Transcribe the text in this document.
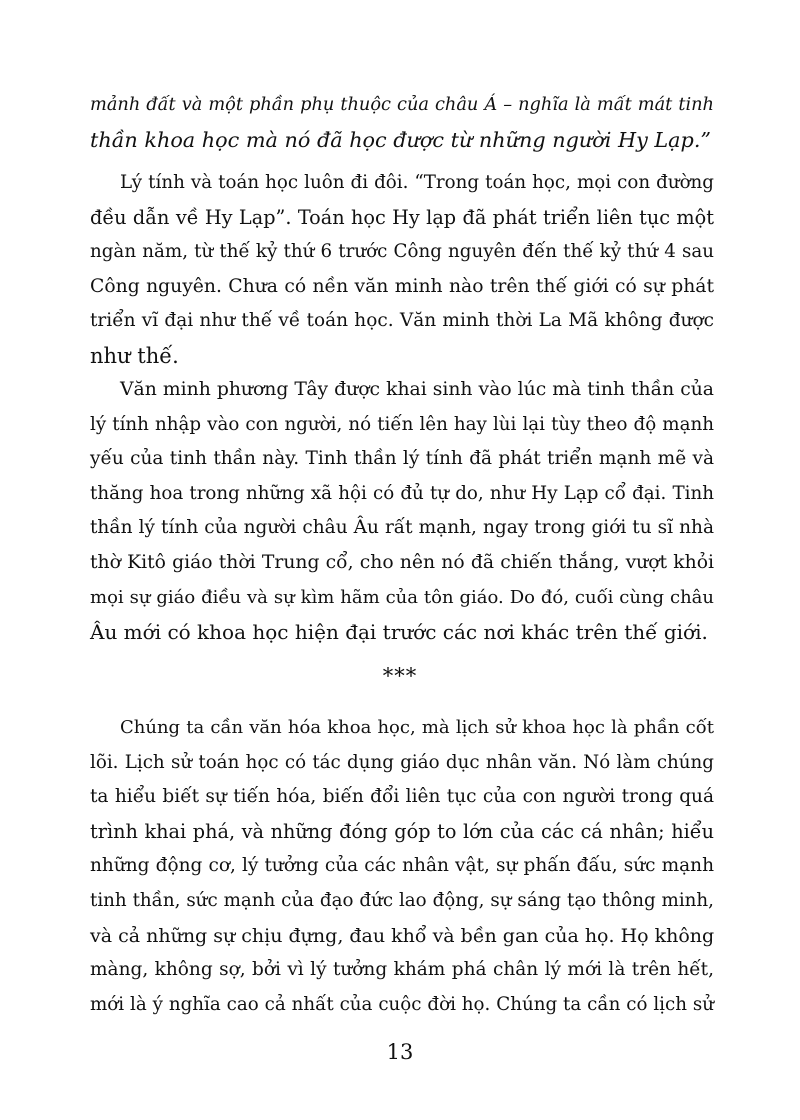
mảnh đất và một phần phụ thuộc của châu Á – nghĩa là mất mát tinh
thần khoa học mà nó đã học được từ những người Hy Lạp.”
Lý tính và toán học luôn đi đôi. “Trong toán học, mọi con đường
đều dẫn về Hy Lạp”. Toán học Hy lạp đã phát triển liên tục một
ngàn năm, từ thế kỷ thứ 6 trước Công nguyên đến thế kỷ thứ 4 sau
Công nguyên. Chưa có nền văn minh nào trên thế giới có sự phát
triển vĩ đại như thế về toán học. Văn minh thời La Mã không được
như thế.
Văn minh phương Tây được khai sinh vào lúc mà tinh thần của
lý tính nhập vào con người, nó tiến lên hay lùi lại tùy theo độ mạnh
yếu của tinh thần này. Tinh thần lý tính đã phát triển mạnh mẽ và
thăng hoa trong những xã hội có đủ tự do, như Hy Lạp cổ đại. Tinh
thần lý tính của người châu Âu rất mạnh, ngay trong giới tu sĩ nhà
thờ Kitô giáo thời Trung cổ, cho nên nó đã chiến thắng, vượt khỏi
mọi sự giáo điều và sự kìm hãm của tôn giáo. Do đó, cuối cùng châu
Âu mới có khoa học hiện đại trước các nơi khác trên thế giới.
***
Chúng ta cần văn hóa khoa học, mà lịch sử khoa học là phần cốt
lõi. Lịch sử toán học có tác dụng giáo dục nhân văn. Nó làm chúng
ta hiểu biết sự tiến hóa, biến đổi liên tục của con người trong quá
trình khai phá, và những đóng góp to lớn của các cá nhân; hiểu
những động cơ, lý tưởng của các nhân vật, sự phấn đấu, sức mạnh
tinh thần, sức mạnh của đạo đức lao động, sự sáng tạo thông minh,
và cả những sự chịu đựng, đau khổ và bền gan của họ. Họ không
màng, không sợ, bởi vì lý tưởng khám phá chân lý mới là trên hết,
mới là ý nghĩa cao cả nhất của cuộc đời họ. Chúng ta cần có lịch sử
13
